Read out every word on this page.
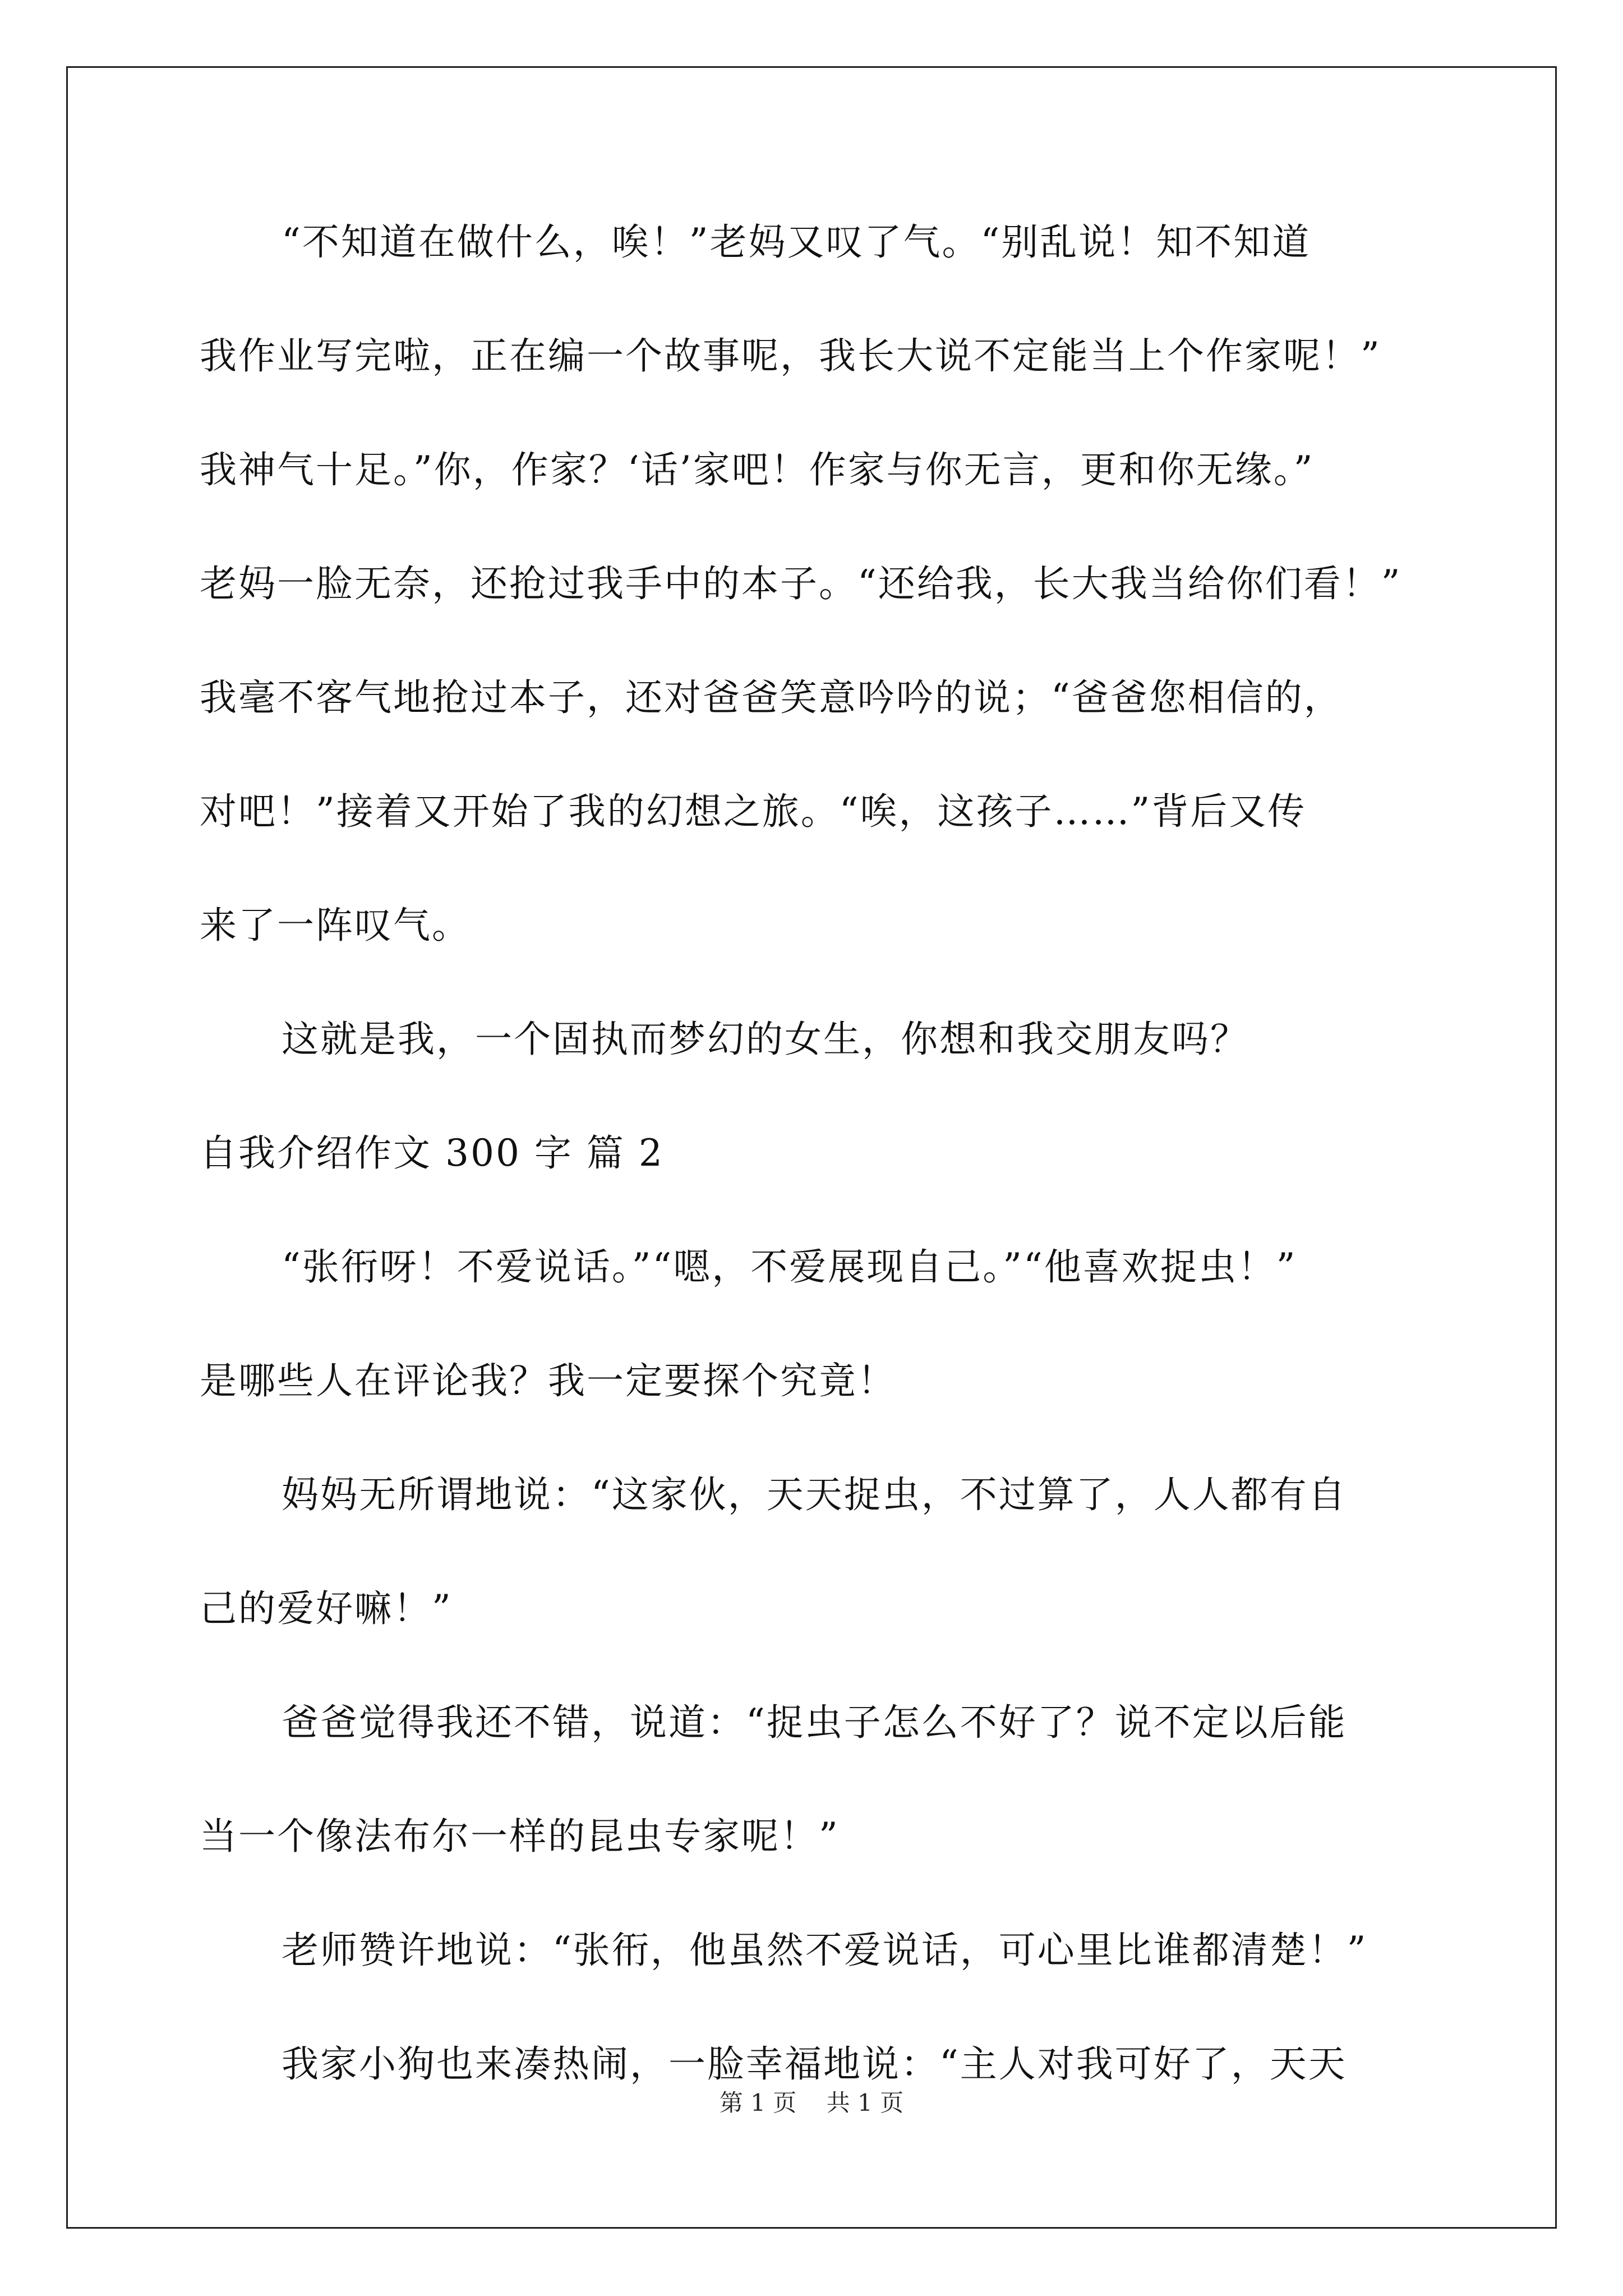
“不知道在做什么，唉！”老妈又叹了气。“别乱说！知不知道
我作业写完啦，正在编一个故事呢，我长大说不定能当上个作家呢！”
我神气十足。”你，作家？‘话’家吧！作家与你无言，更和你无缘。”
老妈一脸无奈，还抢过我手中的本子。“还给我，长大我当给你们看！”
我毫不客气地抢过本子，还对爸爸笑意吟吟的说；“爸爸您相信的，
对吧！”接着又开始了我的幻想之旅。“唉，这孩子……”背后又传
来了一阵叹气。
这就是我，一个固执而梦幻的女生，你想和我交朋友吗？
自我介绍作文 300 字 篇 2
“张衎呀！不爱说话。”“嗯，不爱展现自己。”“他喜欢捉虫！”
是哪些人在评论我？我一定要探个究竟！
妈妈无所谓地说：“这家伙，天天捉虫，不过算了，人人都有自
己的爱好嘛！”
爸爸觉得我还不错，说道：“捉虫子怎么不好了？说不定以后能
当一个像法布尔一样的昆虫专家呢！”
老师赞许地说：“张衎，他虽然不爱说话，可心里比谁都清楚！”
我家小狗也来凑热闹，一脸幸福地说：“主人对我可好了，天天
第 1 页 共 1 页
